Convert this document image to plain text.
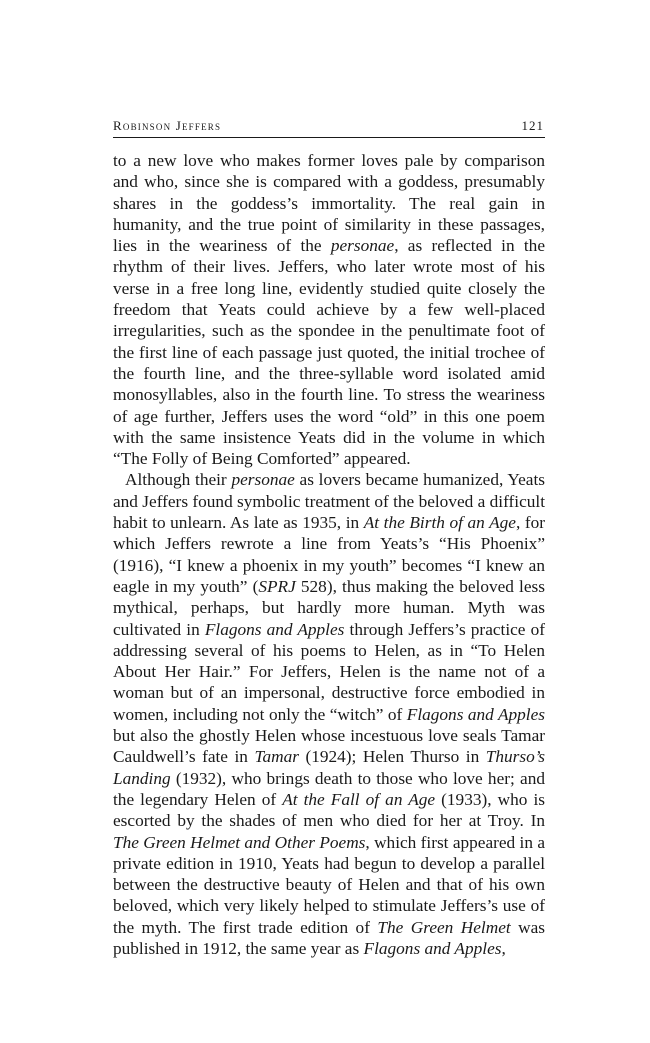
Robinson Jeffers	121

to a new love who makes former loves pale by comparison and who, since she is compared with a goddess, presumably shares in the goddess’s immortality. The real gain in humanity, and the true point of similarity in these passages, lies in the weariness of the personae, as reflected in the rhythm of their lives. Jeffers, who later wrote most of his verse in a free long line, evidently studied quite closely the freedom that Yeats could achieve by a few well-placed irregularities, such as the spondee in the penultimate foot of the first line of each passage just quoted, the initial trochee of the fourth line, and the three-syllable word isolated amid monosyllables, also in the fourth line. To stress the weariness of age further, Jeffers uses the word “old” in this one poem with the same insistence Yeats did in the volume in which “The Folly of Being Comforted” appeared.

Although their personae as lovers became humanized, Yeats and Jeffers found symbolic treatment of the beloved a difficult habit to unlearn. As late as 1935, in At the Birth of an Age, for which Jeffers rewrote a line from Yeats’s “His Phoenix” (1916), “I knew a phoenix in my youth” becomes “I knew an eagle in my youth” (SPRJ 528), thus making the beloved less mythical, perhaps, but hardly more human. Myth was cultivated in Flagons and Apples through Jeffers’s practice of addressing several of his poems to Helen, as in “To Helen About Her Hair.” For Jeffers, Helen is the name not of a woman but of an impersonal, destructive force embodied in women, including not only the “witch” of Flagons and Apples but also the ghostly Helen whose incestuous love seals Tamar Cauldwell’s fate in Tamar (1924); Helen Thurso in Thurso’s Landing (1932), who brings death to those who love her; and the legendary Helen of At the Fall of an Age (1933), who is escorted by the shades of men who died for her at Troy. In The Green Helmet and Other Poems, which first appeared in a private edition in 1910, Yeats had begun to develop a parallel between the destructive beauty of Helen and that of his own beloved, which very likely helped to stimulate Jeffers’s use of the myth. The first trade edition of The Green Helmet was published in 1912, the same year as Flagons and Apples,
